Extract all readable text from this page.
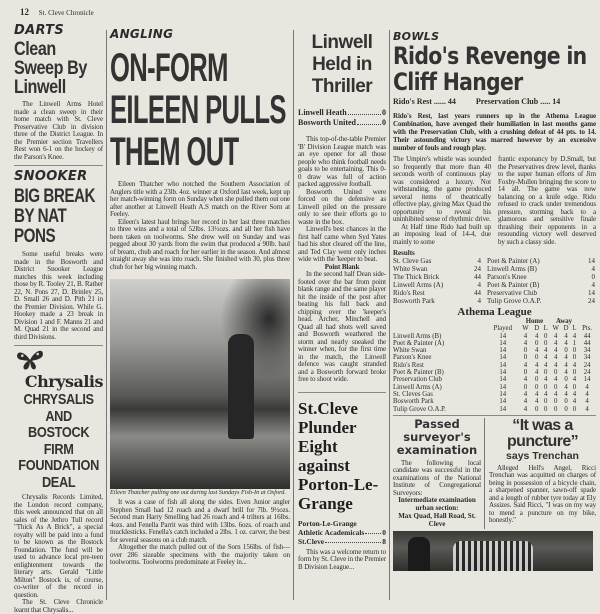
12 St. Cleve Chronicle
DARTS
Clean Sweep By Linwell

The Linwell Arms Hotel made a clean sweep in their home match with St. Cleve Preservative Club in division three of the District League. In the Premier section Travellers Rest won 6-1 on the hockey of the Parson's Knee.

SNOOKER
BIG BREAK BY NAT PONS

Some useful breaks were made in the Bosworth and District Snooker League matches this week including those by R. Tooley 21, B. Rather 22, N. Pons 27, D. Brinley 25, D. Small 26 and D. Pith 21 in the Premier Division. While G. Hookey made a 23 break in Division 1 and F. Manns 21 and M. Quad 21 in the second and third Divisions.

Chrysalis
CHRYSALIS AND BOSTOCK FIRM FOUNDATION DEAL

Chrysalis Records Limited, the London record company, this week announced that on all sales of the Jethro Tull record "Thick As A Brick", a special royalty will be paid into a fund to be known as the Bostock Foundation. The fund will be used to advance local pre-teen enlightenment towards the literary arts. Gerald "Little Milton" Bostock is, of course, co-writer of the record in question.

The St. Cleve Chronicle learnt that Chrysalis...

ANGLING
ON-FORM
EILEEN PULLS
THEM OUT

Eileen Thatcher who notched the Southern Association of Anglers title with a 23lb. 4oz. winner at Oxford last week, kept up her match-winning form on Sunday when she pulled them out one after another at Linwell Heath A.S match on the River Sorn at Feeley.

Eileen's latest haul brings her record in her last three matches to three wins and a total of 52lbs. 13½ozs. and all her fish have been taken on toolworms. She drew well on Sunday and was pegged about 30 yards from the swim that produced a 90lb. haul of bream, chub and roach for her earlier in the season. And almost straight away she was into roach. She finished with 30, plus three chub for her big winning match.

Eileen Thatcher pulling one out during last Sundays Fish-In at Oxford.

It was a case of fish all along the sides. Even Junior angler Stephen Small had 12 roach and a dwarf brill for 7lb. 9½ozs. Second man Harry Smelling had 26 roach and 4 trilters at 16lbs. 4ozs. and Fenella Parrit was third with 13lbs. 6ozs. of roach and mucklesticks. Fenella's catch included a 2lbs. 1 oz. carver, the best for several seasons on a club match.

Altogether the match pulled out of the Sorn 156lbs. of fish—over 286 sizeable specimens with the majority taken on toolworms. Toolworms predominate at Feeley in...

Linwell Held in Thriller
Linwell Heath	0
Bosworth United	0

This top-of-the-table Premier 'B' Division League match was an eye opener for all those people who think football needs goals to be entertaining. This 0-0 draw was full of action packed aggressive football.

Bosworth United were forced on the defensive as Linwell piled on the pressure only to see their efforts go to waste in the box.

Linwell's best chances in the first half came when Syd Yates had his shot cleared off the line, and Ted Clay went only inches wide with the 'keeper to beat.

Point Blank

In the second half Dean side-footed over the bar from point blank range and the same player hit the inside of the post after beating his full back and chipping over the 'keeper's head. Archer, Minchell and Quad all had shots well saved and Bosworth weathered the storm and nearly sneaked the winner when, for the first time in the match, the Linwell defence was caught stranded and a Bosworth forward broke free to shoot wide.

St.Cleve Plunder Eight against Porton-Le-Grange
Porton-Le-Grange
Athletic Academicals 0
St.Cleve	8

This was a welcome return to form by St. Cleve in the Premier B Division League...

BOWLS
Rido's Revenge in Cliff Hanger
Rido's Rest ...... 44	Preservation Club ..... 14

Rido's Rest, last years runners up in the Athema League Combination, have avenged their humiliation in last months game with the Preservation Club, with a crushing defeat of 44 pts. to 14. Their astounding victory was marred however by an excessive number of fouls and rough play.

The Umpire's whistle was sounded so frequently that more than 40 seconds worth of continuous play was considered a luxury. Not withstanding, the game produced several items of theatrically effective play, giving Max Quad the opportunity to reveal his uninhibited sense of rhythmic drive.

At Half time Rido had built up an imposing lead of 14-4, due mainly to some

frantic exponancy by D.Small, but the Preservatives drew level, thanks to the super human efforts of Jim Foxby-Mullen bringing the score to 14 all. The game was now balancing on a knife edge. Rido refused to crack under tremendous pressure, storming back to a glamorous and sensitive finale thrashing their opponents in a resounding victory well deserved by such a classy side.
Results
St. Cleve Gas	4 Poet & Painter (A)	14
White Swan	24 Linwell Arms (B)	4
The Thick Brick	44 Parson's Knee	0
Linwell Arms (A)	4 Poet & Painter (B)	4
Rido's Rest	44 Preservative Club	14
Bosworth Park	4 Tulip Grove O.A.P.	24
Athema League
		Home			Away			
	Played	W	D	L	W	D	L	Pts.
Linwell Arms (B)	14	4	4	0	4	4	4	44
Poet & Painter (A)	14	4	0	0	4	4	1	44
White Swan	14	0	4	4	4	0	0	34
Parson's Knee	14	0	0	4	4	4	0	34
Rido's Rest	14	4	4	4	4	4	4	24
Poet & Painter (B)	14	0	4	0	0	4	0	24
Preservation Club	14	4	0	4	4	0	4	14
Linwell Arms (A)	14	0	0	0	0	4	0	4
St. Cleves Gas	14	4	4	4	4	4	4	4
Bosworth Park	14	4	4	0	0	0	4	4
Tulip Grove O.A.P.	14	4	0	0	0	0	0	4
Passed surveyor's examination

The following local candidate was successful in the examinations of the National Institute of Congregational Surveyors:

Intermediate examination urban section:
Max Quad, Hall Road, St. Cleve
“It was a puncture”
says Trenchan

Alleged Hell's Angel, Ricci Trenchan was acquitted on charges of being in possession of a bicycle chain, a sharpened spanner, sawn-off spade and a length of rubber tyre today at Ely Assizes. Said Ricci, "I was on my way to mend a puncture on my bike, honestly."
